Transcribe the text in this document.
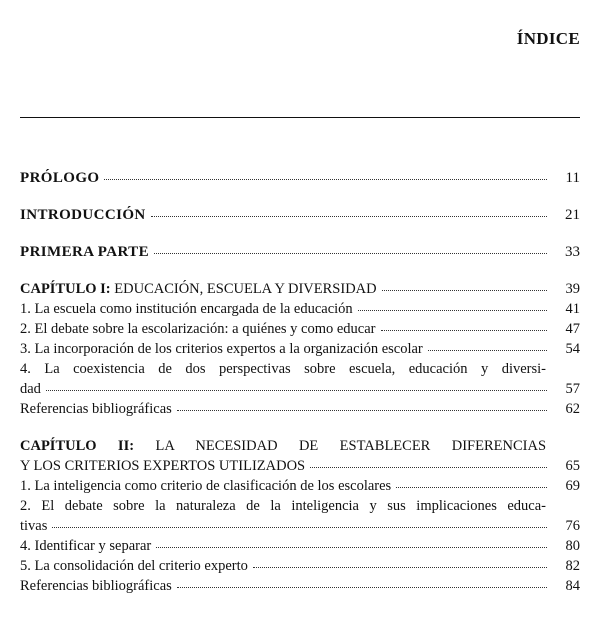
ÍNDICE
PRÓLOGO	11
INTRODUCCIÓN	21
PRIMERA PARTE	33
CAPÍTULO I: EDUCACIÓN, ESCUELA Y DIVERSIDAD	39
1. La escuela como institución encargada de la educación	41
2. El debate sobre la escolarización: a quiénes y como educar	47
3. La incorporación de los criterios expertos a la organización escolar	54
4. La coexistencia de dos perspectivas sobre escuela, educación y diversi-
dad	57
Referencias bibliográficas	62
CAPÍTULO II: LA NECESIDAD DE ESTABLECER DIFERENCIAS
Y LOS CRITERIOS EXPERTOS UTILIZADOS	65
1. La inteligencia como criterio de clasificación de los escolares	69
2. El debate sobre la naturaleza de la inteligencia y sus implicaciones educa-
tivas	76
4. Identificar y separar	80
5. La consolidación del criterio experto	82
Referencias bibliográficas	84
